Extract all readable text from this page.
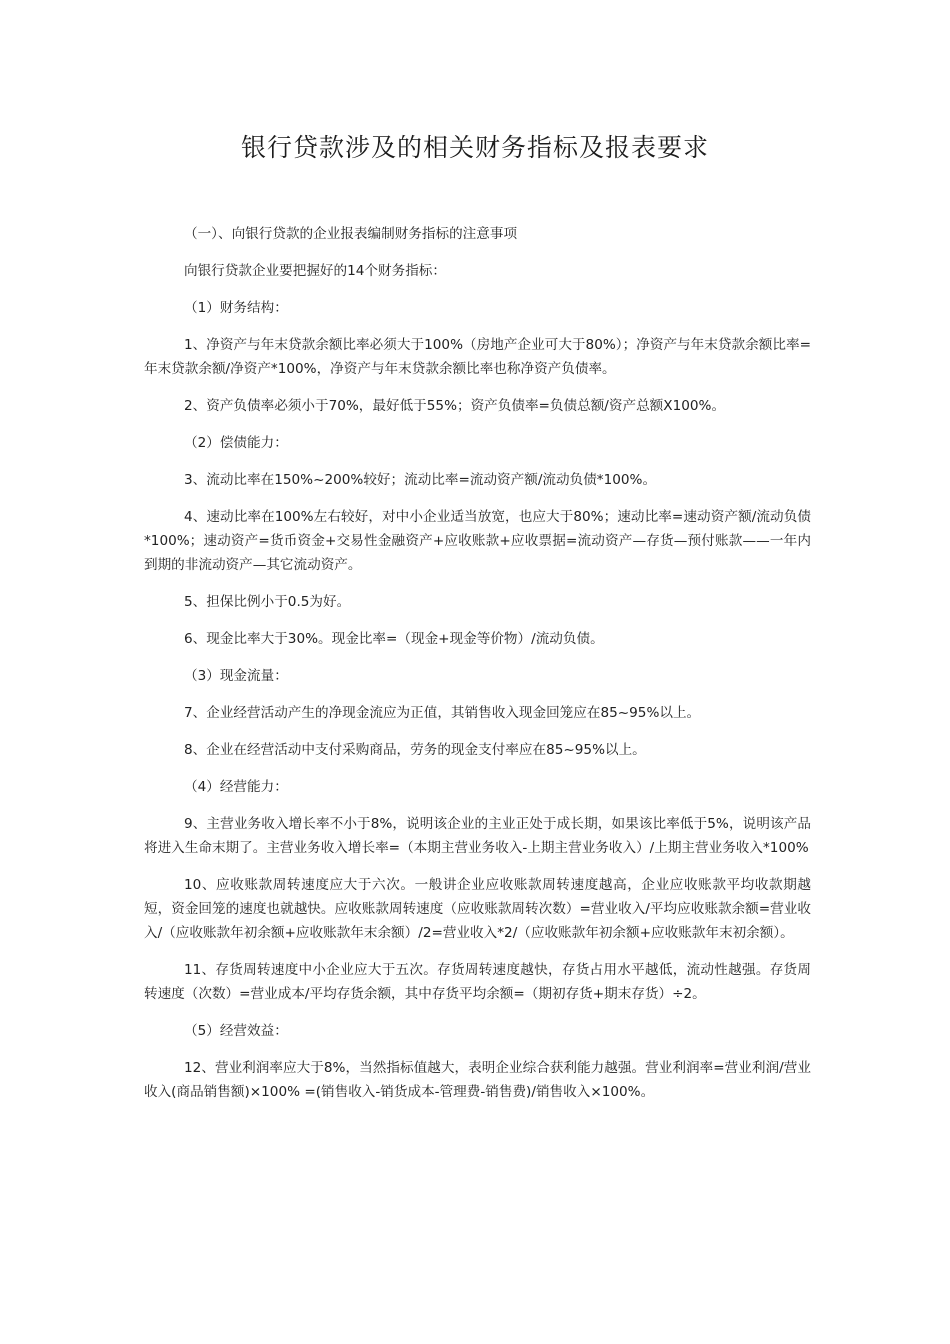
银行贷款涉及的相关财务指标及报表要求

（一）、向银行贷款的企业报表编制财务指标的注意事项

向银行贷款企业要把握好的14个财务指标：

（1）财务结构：

1、净资产与年末贷款余额比率必须大于100%（房地产企业可大于80%）；净资产与年末贷款余额比率=年末贷款余额/净资产*100%，净资产与年末贷款余额比率也称净资产负债率。

2、资产负债率必须小于70%，最好低于55%；资产负债率=负债总额/资产总额X100%。

（2）偿债能力：

3、流动比率在150%~200%较好；流动比率=流动资产额/流动负债*100%。

4、速动比率在100%左右较好，对中小企业适当放宽，也应大于80%；速动比率=速动资产额/流动负债*100%；速动资产=货币资金+交易性金融资产+应收账款+应收票据=流动资产—存货—预付账款——一年内到期的非流动资产—其它流动资产。

5、担保比例小于0.5为好。

6、现金比率大于30%。现金比率=（现金+现金等价物）/流动负债。

（3）现金流量：

7、企业经营活动产生的净现金流应为正值，其销售收入现金回笼应在85~95%以上。

8、企业在经营活动中支付采购商品，劳务的现金支付率应在85~95%以上。

（4）经营能力：

9、主营业务收入增长率不小于8%，说明该企业的主业正处于成长期，如果该比率低于5%，说明该产品将进入生命末期了。主营业务收入增长率=（本期主营业务收入-上期主营业务收入）/上期主营业务收入*100%

10、应收账款周转速度应大于六次。一般讲企业应收账款周转速度越高，企业应收账款平均收款期越短，资金回笼的速度也就越快。应收账款周转速度（应收账款周转次数）=营业收入/平均应收账款余额=营业收入/（应收账款年初余额+应收账款年末余额）/2=营业收入*2/（应收账款年初余额+应收账款年末初余额）。

11、存货周转速度中小企业应大于五次。存货周转速度越快，存货占用水平越低，流动性越强。存货周转速度（次数）=营业成本/平均存货余额，其中存货平均余额=（期初存货+期末存货）÷2。

（5）经营效益：

12、营业利润率应大于8%，当然指标值越大，表明企业综合获利能力越强。营业利润率=营业利润/营业收入(商品销售额)×100% =(销售收入-销货成本-管理费-销售费)/销售收入×100%。
